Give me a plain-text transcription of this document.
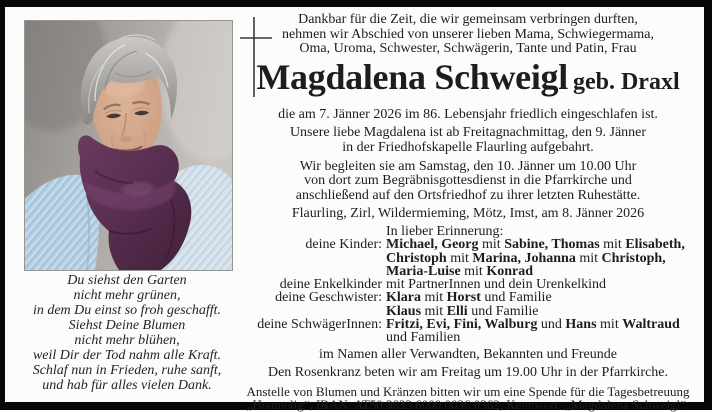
Du siehst den Garten
nicht mehr grünen,
in dem Du einst so froh geschafft.
Siehst Deine Blumen
nicht mehr blühen,
weil Dir der Tod nahm alle Kraft.
Schlaf nun in Frieden, ruhe sanft,
und hab für alles vielen Dank.
Dankbar für die Zeit, die wir gemeinsam verbringen durften,
nehmen wir Abschied von unserer lieben Mama, Schwiegermama,
Oma, Uroma, Schwester, Schwägerin, Tante und Patin, Frau
Magdalena Schweigl geb. Draxl
die am 7. Jänner 2026 im 86. Lebensjahr friedlich eingeschlafen ist.
Unsere liebe Magdalena ist ab Freitagnachmittag, den 9. Jänner
in der Friedhofskapelle Flaurling aufgebahrt.
Wir begleiten sie am Samstag, den 10. Jänner um 10.00 Uhr
von dort zum Begräbnisgottesdienst in die Pfarrkirche und
anschließend auf den Ortsfriedhof zu ihrer letzten Ruhestätte.
Flaurling, Zirl, Wildermieming, Mötz, Imst, am 8. Jänner 2026
In lieber Erinnerung:
deine Kinder: Michael, Georg mit Sabine, Thomas mit Elisabeth,
Christoph mit Marina, Johanna mit Christoph,
Maria-Luise mit Konrad
deine Enkelkinder mit PartnerInnen und dein Urenkelkind
deine Geschwister: Klara mit Horst und Familie
Klaus mit Elli und Familie
deine SchwägerInnen: Fritzi, Evi, Fini, Walburg und Hans mit Waltraud
und Familien
im Namen aller Verwandten, Bekannten und Freunde
Den Rosenkranz beten wir am Freitag um 19.00 Uhr in der Pfarrkirche.
Anstelle von Blumen und Kränzen bitten wir um eine Spende für die Tagesbetreuung
„Hoamelig“, IBAN: AT50 3633 6000 0036 0362, Kennwort: „Magdalena Schweigl“.
